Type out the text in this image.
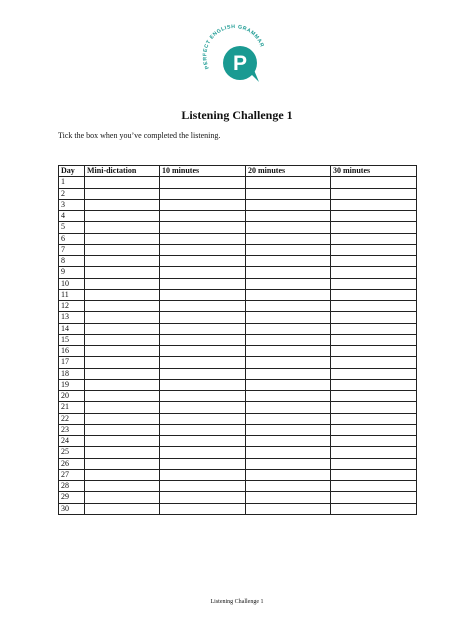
PERFECT ENGLISH GRAMMAR
P
Listening Challenge 1

Tick the box when you’ve completed the listening.

Day	Mini-dictation	10 minutes	20 minutes	30 minutes
1				
2				
3				
4				
5				
6				
7				
8				
9				
10				
11				
12				
13				
14				
15				
16				
17				
18				
19				
20				
21				
22				
23				
24				
25				
26				
27				
28				
29				
30				

Listening Challenge 1
